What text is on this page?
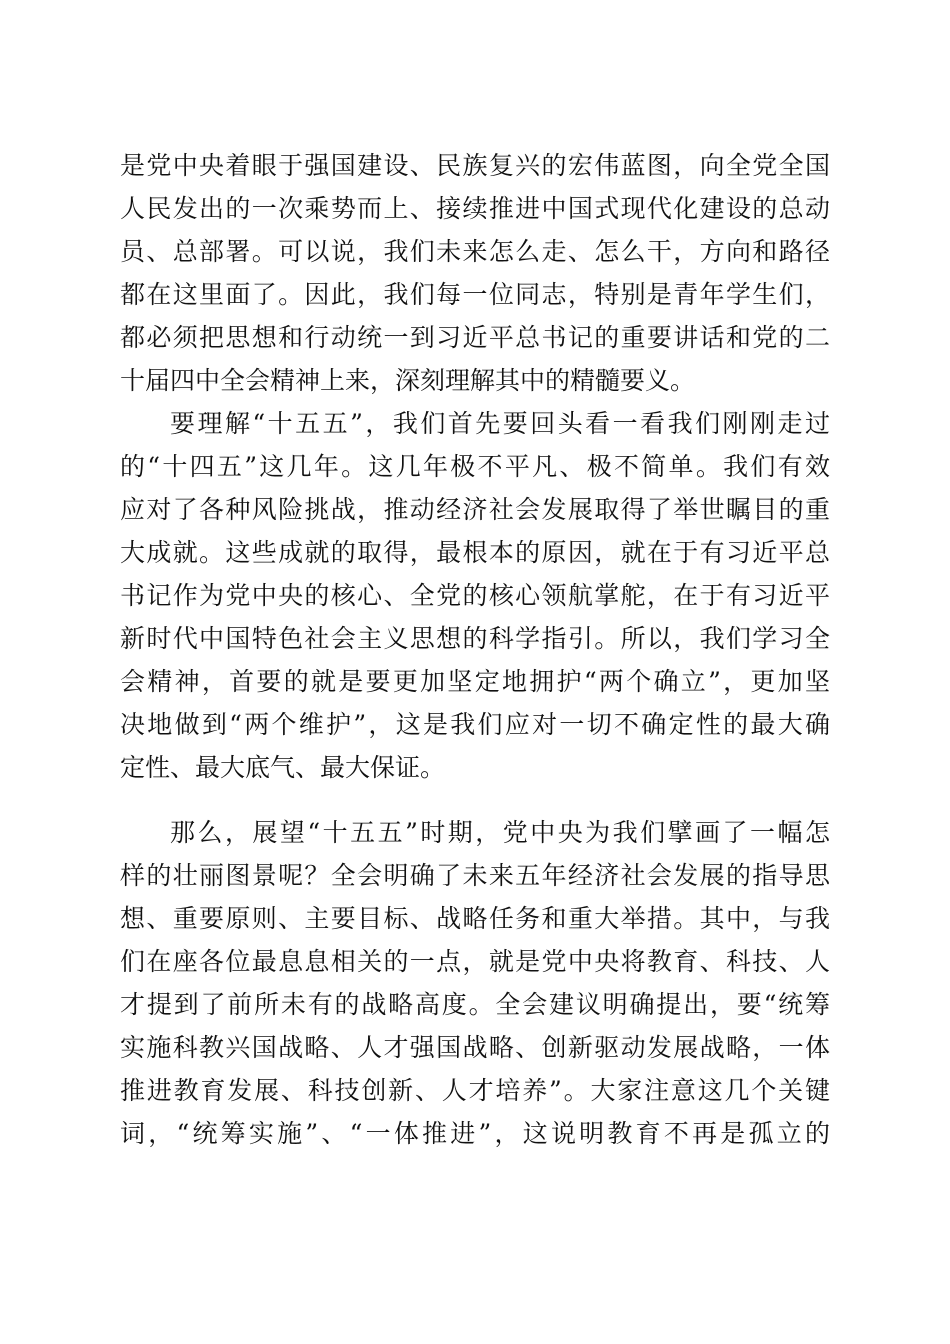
是党中央着眼于强国建设、民族复兴的宏伟蓝图，向全党全国
人民发出的一次乘势而上、接续推进中国式现代化建设的总动
员、总部署。可以说，我们未来怎么走、怎么干，方向和路径
都在这里面了。因此，我们每一位同志，特别是青年学生们，
都必须把思想和行动统一到习近平总书记的重要讲话和党的二
十届四中全会精神上来，深刻理解其中的精髓要义。
要理解“十五五”，我们首先要回头看一看我们刚刚走过
的“十四五”这几年。这几年极不平凡、极不简单。我们有效
应对了各种风险挑战，推动经济社会发展取得了举世瞩目的重
大成就。这些成就的取得，最根本的原因，就在于有习近平总
书记作为党中央的核心、全党的核心领航掌舵，在于有习近平
新时代中国特色社会主义思想的科学指引。所以，我们学习全
会精神，首要的就是要更加坚定地拥护“两个确立”，更加坚
决地做到“两个维护”，这是我们应对一切不确定性的最大确
定性、最大底气、最大保证。
那么，展望“十五五”时期，党中央为我们擘画了一幅怎
样的壮丽图景呢？全会明确了未来五年经济社会发展的指导思
想、重要原则、主要目标、战略任务和重大举措。其中，与我
们在座各位最息息相关的一点，就是党中央将教育、科技、人
才提到了前所未有的战略高度。全会建议明确提出，要“统筹
实施科教兴国战略、人才强国战略、创新驱动发展战略，一体
推进教育发展、科技创新、人才培养”。大家注意这几个关键
词，“统筹实施”、“一体推进”，这说明教育不再是孤立的
